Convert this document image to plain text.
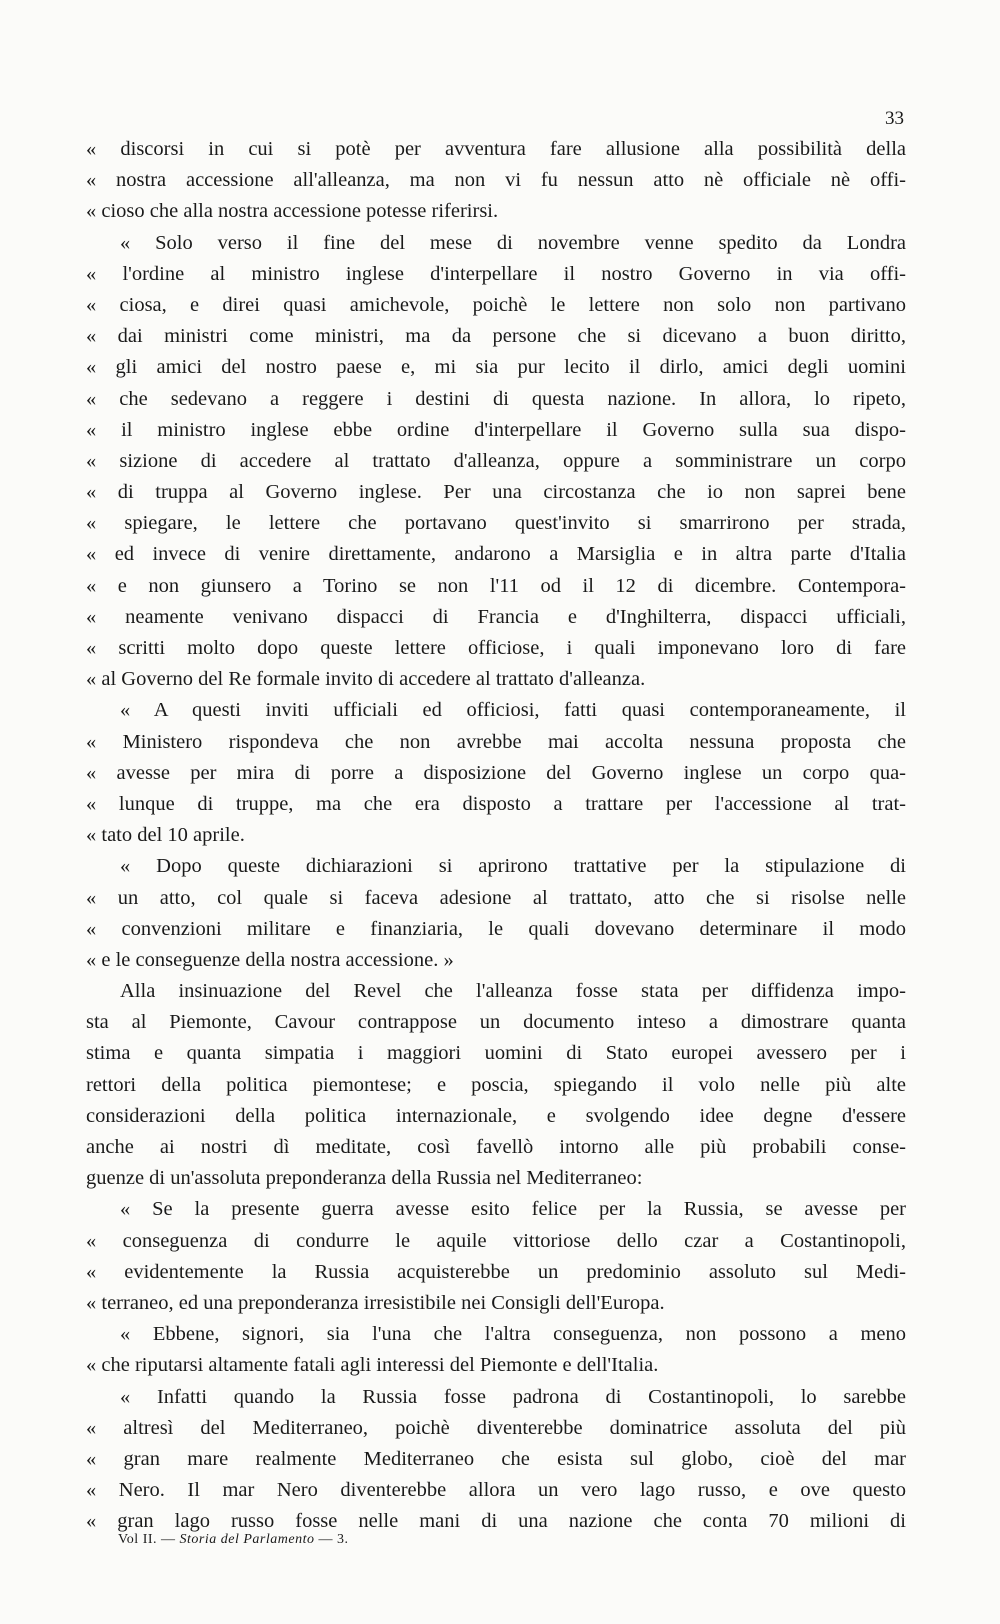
33
« discorsi in cui si potè per avventura fare allusione alla possibilità della
« nostra accessione all'alleanza, ma non vi fu nessun atto nè officiale nè offi-
« cioso che alla nostra accessione potesse riferirsi.
« Solo verso il fine del mese di novembre venne spedito da Londra
« l'ordine al ministro inglese d'interpellare il nostro Governo in via offi-
« ciosa, e direi quasi amichevole, poichè le lettere non solo non partivano
« dai ministri come ministri, ma da persone che si dicevano a buon diritto,
« gli amici del nostro paese e, mi sia pur lecito il dirlo, amici degli uomini
« che sedevano a reggere i destini di questa nazione. In allora, lo ripeto,
« il ministro inglese ebbe ordine d'interpellare il Governo sulla sua dispo-
« sizione di accedere al trattato d'alleanza, oppure a somministrare un corpo
« di truppa al Governo inglese. Per una circostanza che io non saprei bene
« spiegare, le lettere che portavano quest'invito si smarrirono per strada,
« ed invece di venire direttamente, andarono a Marsiglia e in altra parte d'Italia
« e non giunsero a Torino se non l'11 od il 12 di dicembre. Contempora-
« neamente venivano dispacci di Francia e d'Inghilterra, dispacci ufficiali,
« scritti molto dopo queste lettere officiose, i quali imponevano loro di fare
« al Governo del Re formale invito di accedere al trattato d'alleanza.
« A questi inviti ufficiali ed officiosi, fatti quasi contemporaneamente, il
« Ministero rispondeva che non avrebbe mai accolta nessuna proposta che
« avesse per mira di porre a disposizione del Governo inglese un corpo qua-
« lunque di truppe, ma che era disposto a trattare per l'accessione al trat-
« tato del 10 aprile.
« Dopo queste dichiarazioni si aprirono trattative per la stipulazione di
« un atto, col quale si faceva adesione al trattato, atto che si risolse nelle
« convenzioni militare e finanziaria, le quali dovevano determinare il modo
« e le conseguenze della nostra accessione. »
Alla insinuazione del Revel che l'alleanza fosse stata per diffidenza impo-
sta al Piemonte, Cavour contrappose un documento inteso a dimostrare quanta
stima e quanta simpatia i maggiori uomini di Stato europei avessero per i
rettori della politica piemontese; e poscia, spiegando il volo nelle più alte
considerazioni della politica internazionale, e svolgendo idee degne d'essere
anche ai nostri dì meditate, così favellò intorno alle più probabili conse-
guenze di un'assoluta preponderanza della Russia nel Mediterraneo:
« Se la presente guerra avesse esito felice per la Russia, se avesse per
« conseguenza di condurre le aquile vittoriose dello czar a Costantinopoli,
« evidentemente la Russia acquisterebbe un predominio assoluto sul Medi-
« terraneo, ed una preponderanza irresistibile nei Consigli dell'Europa.
« Ebbene, signori, sia l'una che l'altra conseguenza, non possono a meno
« che riputarsi altamente fatali agli interessi del Piemonte e dell'Italia.
« Infatti quando la Russia fosse padrona di Costantinopoli, lo sarebbe
« altresì del Mediterraneo, poichè diventerebbe dominatrice assoluta del più
« gran mare realmente Mediterraneo che esista sul globo, cioè del mar
« Nero. Il mar Nero diventerebbe allora un vero lago russo, e ove questo
« gran lago russo fosse nelle mani di una nazione che conta 70 milioni di
Vol II. — Storia del Parlamento — 3.
